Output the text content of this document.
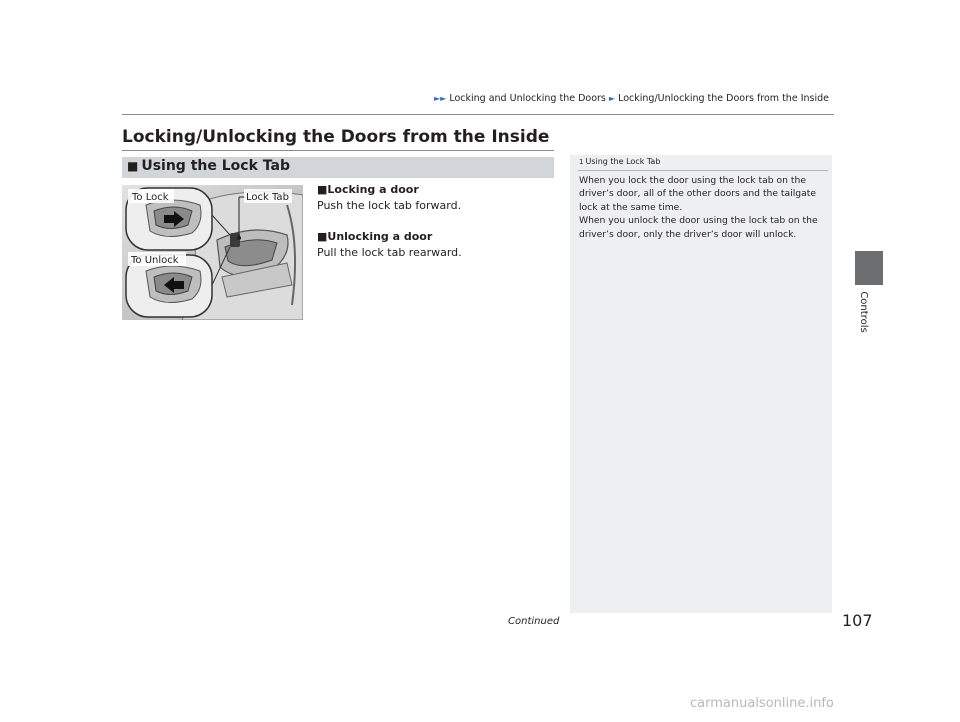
►► Locking and Unlocking the Doors ► Locking/Unlocking the Doors from the Inside
Locking/Unlocking the Doors from the Inside
■ Using the Lock Tab
To Lock
To Unlock
Lock Tab
■Locking a door
Push the lock tab forward.
■Unlocking a door
Pull the lock tab rearward.
1 Using the Lock Tab

When you lock the door using the lock tab on the driver’s door, all of the other doors and the tailgate lock at the same time.

When you unlock the door using the lock tab on the driver’s door, only the driver’s door will unlock.

Controls
Continued	107
carmanualsonline.info
